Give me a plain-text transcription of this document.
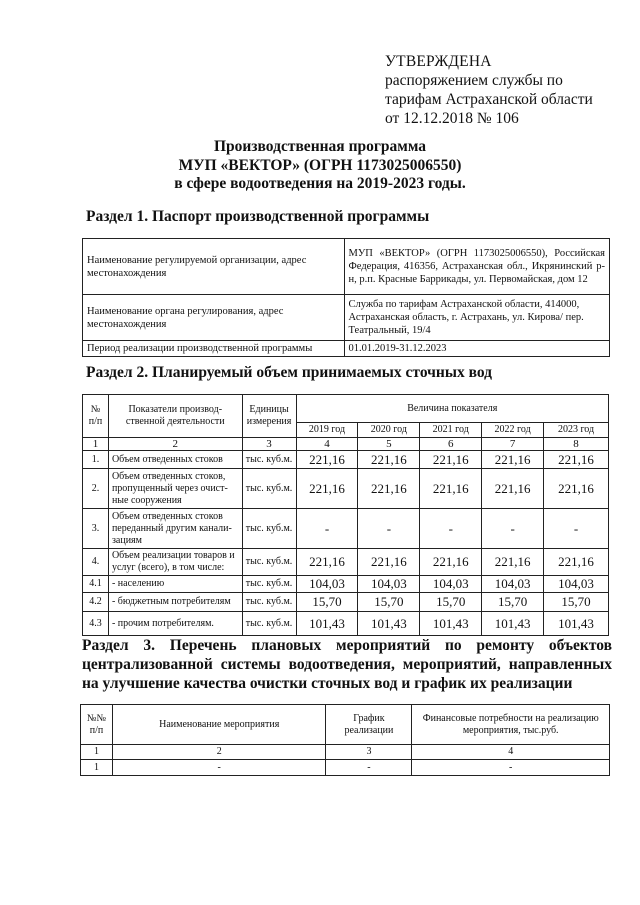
УТВЕРЖДЕНА
распоряжением службы по
тарифам Астраханской области
от 12.12.2018 № 106
Производственная программа
МУП «ВЕКТОР» (ОГРН 1173025006550)
в сфере водоотведения на 2019-2023 годы.
Раздел 1. Паспорт производственной программы
Наименование регулируемой организации, адрес местонахождения	МУП «ВЕКТОР» (ОГРН 1173025006550), Российская Федерация, 416356, Астраханская обл., Икрянинский р-н, р.п. Красные Баррикады, ул. Первомайская, дом 12
Наименование органа регулирования, адрес местонахождения	Служба по тарифам Астраханской области, 414000, Астраханская область, г. Астрахань, ул. Кирова/ пер. Театральный, 19/4
Период реализации производственной программы	01.01.2019-31.12.2023
Раздел 2. Планируемый объем принимаемых сточных вод
№ п/п	Показатели производ-ственной деятельности	Единицы измерения	Величина показателя				
			2019 год	2020 год	2021 год	2022 год	2023 год
1	2	3	4	5	6	7	8
1.	Объем отведенных стоков	тыс. куб.м.	221,16	221,16	221,16	221,16	221,16
2.	Объем отведенных стоков, пропущенный через очист-ные сооружения	тыс. куб.м.	221,16	221,16	221,16	221,16	221,16
3.	Объем отведенных стоков переданный другим канали-зациям	тыс. куб.м.	-	-	-	-	-
4.	Объем реализации товаров и услуг (всего), в том числе:	тыс. куб.м.	221,16	221,16	221,16	221,16	221,16
4.1	- населению	тыс. куб.м.	104,03	104,03	104,03	104,03	104,03
4.2	- бюджетным потребителям	тыс. куб.м.	15,70	15,70	15,70	15,70	15,70
4.3	- прочим потребителям.	тыс. куб.м.	101,43	101,43	101,43	101,43	101,43
Раздел 3. Перечень плановых мероприятий по ремонту объектов централизованной системы водоотведения, мероприятий, направленных на улучшение качества очистки сточных вод и график их реализации
№№ п/п	Наименование мероприятия	График реализации	Финансовые потребности на реализацию мероприятия, тыс.руб.
1	2	3	4
1	-	-	-
